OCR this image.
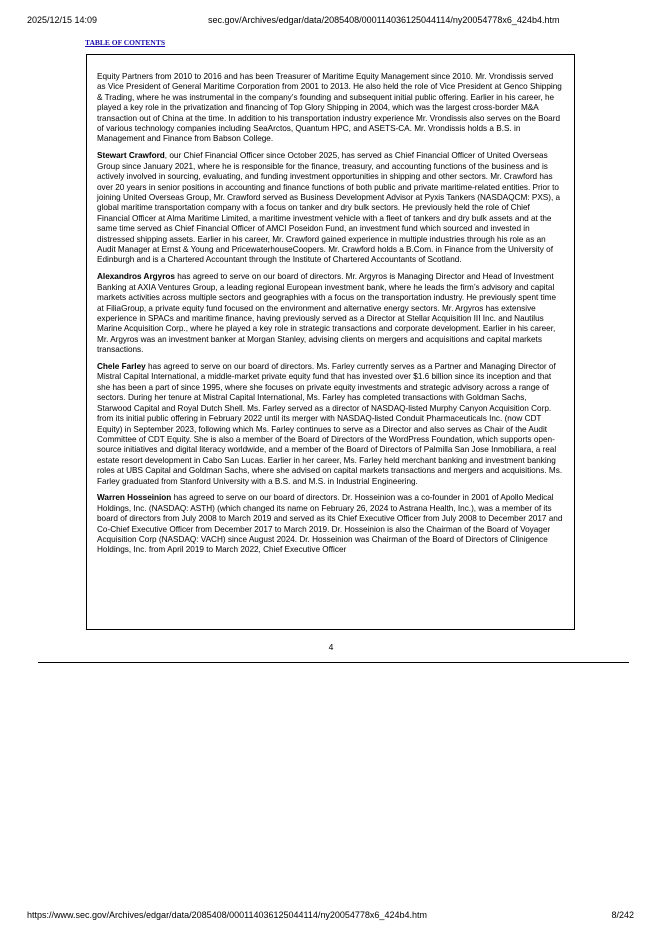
2025/12/15 14:09	sec.gov/Archives/edgar/data/2085408/000114036125044114/ny20054778x6_424b4.htm
TABLE OF CONTENTS

Equity Partners from 2010 to 2016 and has been Treasurer of Maritime Equity Management since 2010. Mr. Vrondissis served as Vice President of General Maritime Corporation from 2001 to 2013. He also held the role of Vice President at Genco Shipping & Trading, where he was instrumental in the company’s founding and subsequent initial public offering. Earlier in his career, he played a key role in the privatization and financing of Top Glory Shipping in 2004, which was the largest cross-border M&A transaction out of China at the time. In addition to his transportation industry experience Mr. Vrondissis also serves on the Board of various technology companies including SeaArctos, Quantum HPC, and ASETS-CA. Mr. Vrondissis holds a B.S. in Management and Finance from Babson College.

Stewart Crawford, our Chief Financial Officer since October 2025, has served as Chief Financial Officer of United Overseas Group since January 2021, where he is responsible for the finance, treasury, and accounting functions of the business and is actively involved in sourcing, evaluating, and funding investment opportunities in shipping and other sectors. Mr. Crawford has over 20 years in senior positions in accounting and finance functions of both public and private maritime-related entities. Prior to joining United Overseas Group, Mr. Crawford served as Business Development Advisor at Pyxis Tankers (NASDAQCM: PXS), a global maritime transportation company with a focus on tanker and dry bulk sectors. He previously held the role of Chief Financial Officer at Alma Maritime Limited, a maritime investment vehicle with a fleet of tankers and dry bulk assets and at the same time served as Chief Financial Officer of AMCI Poseidon Fund, an investment fund which sourced and invested in distressed shipping assets. Earlier in his career, Mr. Crawford gained experience in multiple industries through his role as an Audit Manager at Ernst & Young and PricewaterhouseCoopers. Mr. Crawford holds a B.Com. in Finance from the University of Edinburgh and is a Chartered Accountant through the Institute of Chartered Accountants of Scotland.

Alexandros Argyros has agreed to serve on our board of directors. Mr. Argyros is Managing Director and Head of Investment Banking at AXIA Ventures Group, a leading regional European investment bank, where he leads the firm’s advisory and capital markets activities across multiple sectors and geographies with a focus on the transportation industry. He previously spent time at FiliaGroup, a private equity fund focused on the environment and alternative energy sectors. Mr. Argyros has extensive experience in SPACs and maritime finance, having previously served as a Director at Stellar Acquisition III Inc. and Nautilus Marine Acquisition Corp., where he played a key role in strategic transactions and corporate development. Earlier in his career, Mr. Argyros was an investment banker at Morgan Stanley, advising clients on mergers and acquisitions and capital markets transactions.

Chele Farley has agreed to serve on our board of directors. Ms. Farley currently serves as a Partner and Managing Director of Mistral Capital International, a middle-market private equity fund that has invested over $1.6 billion since its inception and that she has been a part of since 1995, where she focuses on private equity investments and strategic advisory across a range of sectors. During her tenure at Mistral Capital International, Ms. Farley has completed transactions with Goldman Sachs, Starwood Capital and Royal Dutch Shell. Ms. Farley served as a director of NASDAQ-listed Murphy Canyon Acquisition Corp. from its initial public offering in February 2022 until its merger with NASDAQ-listed Conduit Pharmaceuticals Inc. (now CDT Equity) in September 2023, following which Ms. Farley continues to serve as a Director and also serves as Chair of the Audit Committee of CDT Equity. She is also a member of the Board of Directors of the WordPress Foundation, which supports open-source initiatives and digital literacy worldwide, and a member of the Board of Directors of Palmilla San Jose Inmobiliara, a real estate resort development in Cabo San Lucas. Earlier in her career, Ms. Farley held merchant banking and investment banking roles at UBS Capital and Goldman Sachs, where she advised on capital markets transactions and mergers and acquisitions. Ms. Farley graduated from Stanford University with a B.S. and M.S. in Industrial Engineering.

Warren Hosseinion has agreed to serve on our board of directors. Dr. Hosseinion was a co-founder in 2001 of Apollo Medical Holdings, Inc. (NASDAQ: ASTH) (which changed its name on February 26, 2024 to Astrana Health, Inc.), was a member of its board of directors from July 2008 to March 2019 and served as its Chief Executive Officer from July 2008 to December 2017 and Co-Chief Executive Officer from December 2017 to March 2019. Dr. Hosseinion is also the Chairman of the Board of Voyager Acquisition Corp (NASDAQ: VACH) since August 2024. Dr. Hosseinion was Chairman of the Board of Directors of Clinigence Holdings, Inc. from April 2019 to March 2022, Chief Executive Officer

4
https://www.sec.gov/Archives/edgar/data/2085408/000114036125044114/ny20054778x6_424b4.htm	8/242
